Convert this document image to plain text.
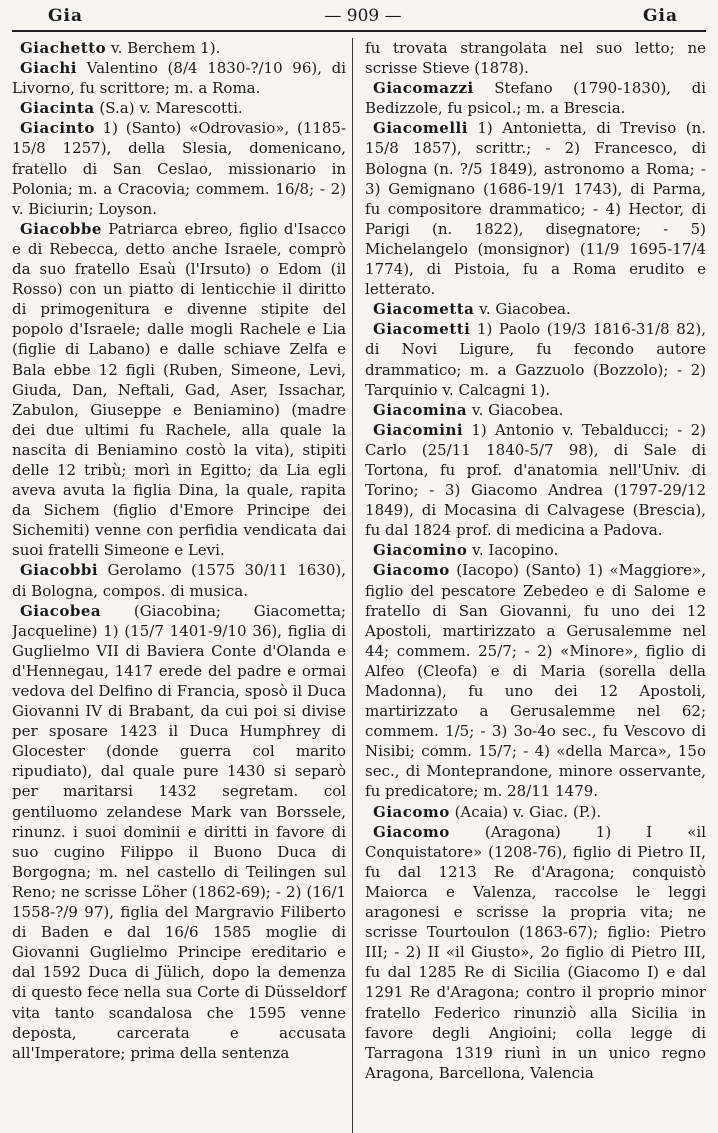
Gia	— 909 —	Gia

Giachetto v. Berchem 1).

Giachi Valentino (8/4 1830-?/10 96), di Livorno, fu scrittore; m. a Roma.

Giacinta (S.a) v. Marescotti.

Giacinto 1) (Santo) «Odrovasio», (1185-15/8 1257), della Slesia, domenicano, fratello di San Ceslao, missionario in Polonia; m. a Cracovia; commem. 16/8; - 2) v. Biciurin; Loyson.

Giacobbe Patriarca ebreo, figlio d'Isacco e di Rebecca, detto anche Israele, comprò da suo fratello Esaù (l'Irsuto) o Edom (il Rosso) con un piatto di lenticchie il diritto di primogenitura e divenne stipite del popolo d'Israele; dalle mogli Rachele e Lia (figlie di Labano) e dalle schiave Zelfa e Bala ebbe 12 figli (Ruben, Simeone, Levi, Giuda, Dan, Neftali, Gad, Aser, Issachar, Zabulon, Giuseppe e Beniamino) (madre dei due ultimi fu Rachele, alla quale la nascita di Beniamino costò la vita), stipiti delle 12 tribù; morì in Egitto; da Lia egli aveva avuta la figlia Dina, la quale, rapita da Sichem (figlio d'Emore Principe dei Sichemiti) venne con perfidia vendicata dai suoi fratelli Simeone e Levi.

Giacobbi Gerolamo (1575 30/11 1630), di Bologna, compos. di musica.

Giacobea (Giacobina; Giacometta; Jacqueline) 1) (15/7 1401-9/10 36), figlia di Guglielmo VII di Baviera Conte d'Olanda e d'Hennegau, 1417 erede del padre e ormai vedova del Delfino di Francia, sposò il Duca Giovanni IV di Brabant, da cui poi si divise per sposare 1423 il Duca Humphrey di Glocester (donde guerra col marito ripudiato), dal quale pure 1430 si separò per maritarsi 1432 segretam. col gentiluomo zelandese Mark van Borssele, rinunz. i suoi dominii e diritti in favore di suo cugino Filippo il Buono Duca di Borgogna; m. nel castello di Teilingen sul Reno; ne scrisse Löher (1862-69); - 2) (16/1 1558-?/9 97), figlia del Margravio Filiberto di Baden e dal 16/6 1585 moglie di Giovanni Guglielmo Principe ereditario e dal 1592 Duca di Jülich, dopo la demenza di questo fece nella sua Corte di Düsseldorf vita tanto scandalosa che 1595 venne deposta, carcerata e accusata all'Imperatore; prima della sentenza

fu trovata strangolata nel suo letto; ne scrisse Stieve (1878).

Giacomazzi Stefano (1790-1830), di Bedizzole, fu psicol.; m. a Brescia.

Giacomelli 1) Antonietta, di Treviso (n. 15/8 1857), scrittr.; - 2) Francesco, di Bologna (n. ?/5 1849), astronomo a Roma; - 3) Gemignano (1686-19/1 1743), di Parma, fu compositore drammatico; - 4) Hector, di Parigi (n. 1822), disegnatore; - 5) Michelangelo (monsignor) (11/9 1695-17/4 1774), di Pistoia, fu a Roma erudito e letterato.

Giacometta v. Giacobea.

Giacometti 1) Paolo (19/3 1816-31/8 82), di Novi Ligure, fu fecondo autore drammatico; m. a Gazzuolo (Bozzolo); - 2) Tarquinio v. Calcagni 1).

Giacomina v. Giacobea.

Giacomini 1) Antonio v. Tebalducci; - 2) Carlo (25/11 1840-5/7 98), di Sale di Tortona, fu prof. d'anatomia nell'Univ. di Torino; - 3) Giacomo Andrea (1797-29/12 1849), di Mocasina di Calvagese (Brescia), fu dal 1824 prof. di medicina a Padova.

Giacomino v. Iacopino.

Giacomo (Iacopo) (Santo) 1) «Maggiore», figlio del pescatore Zebedeo e di Salome e fratello di San Giovanni, fu uno dei 12 Apostoli, martirizzato a Gerusalemme nel 44; commem. 25/7; - 2) «Minore», figlio di Alfeo (Cleofa) e di Maria (sorella della Madonna), fu uno dei 12 Apostoli, martirizzato a Gerusalemme nel 62; commem. 1/5; - 3) 3o-4o sec., fu Vescovo di Nisibi; comm. 15/7; - 4) «della Marca», 15o sec., di Monteprandone, minore osservante, fu predicatore; m. 28/11 1479.

Giacomo (Acaia) v. Giac. (P.).

Giacomo (Aragona) 1) I «il Conquistatore» (1208-76), figlio di Pietro II, fu dal 1213 Re d'Aragona; conquistò Maiorca e Valenza, raccolse le leggi aragonesi e scrisse la propria vita; ne scrisse Tourtoulon (1863-67); figlio: Pietro III; - 2) II «il Giusto», 2o figlio di Pietro III, fu dal 1285 Re di Sicilia (Giacomo I) e dal 1291 Re d'Aragona; contro il proprio minor fratello Federico rinunziò alla Sicilia in favore degli Angioini; colla legge di Tarragona 1319 riunì in un unico regno Aragona, Barcellona, Valencia
